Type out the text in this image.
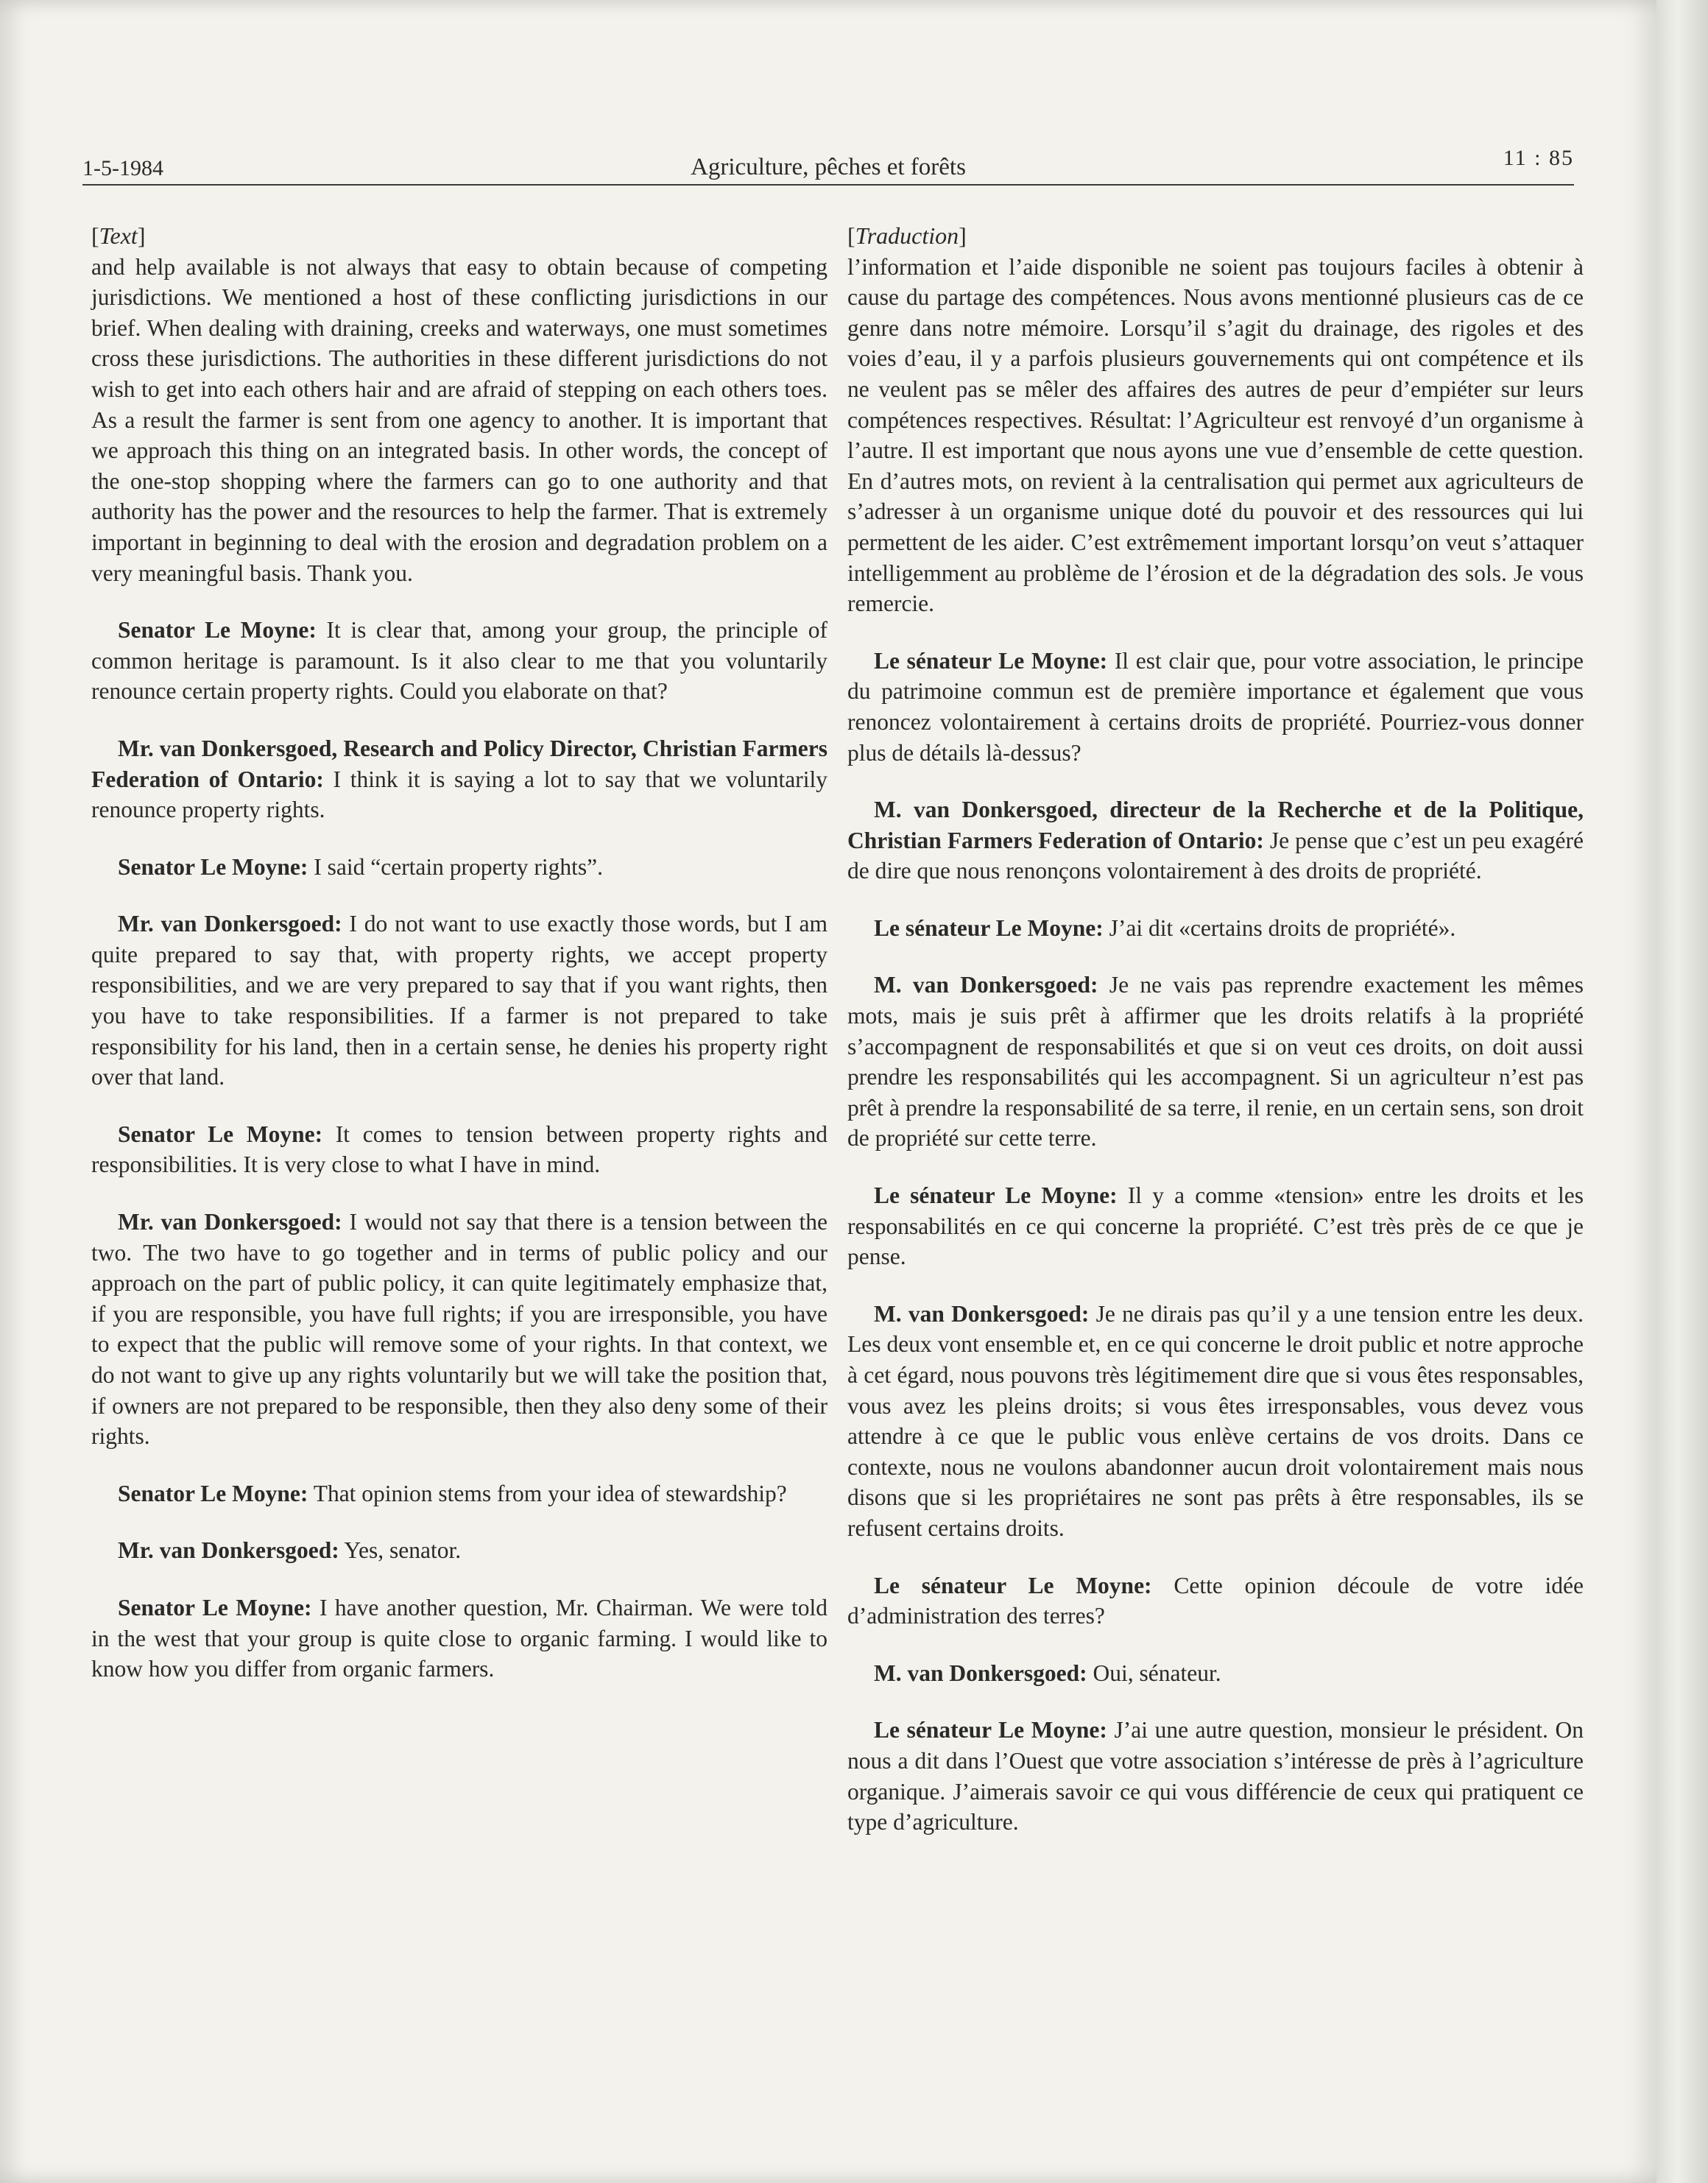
1-5-1984	Agriculture, pêches et forêts	11 : 85

[Text]

and help available is not always that easy to obtain because of competing jurisdictions. We mentioned a host of these conflicting jurisdictions in our brief. When dealing with draining, creeks and waterways, one must sometimes cross these jurisdictions. The authorities in these different jurisdictions do not wish to get into each others hair and are afraid of stepping on each others toes. As a result the farmer is sent from one agency to another. It is important that we approach this thing on an integrated basis. In other words, the concept of the one-stop shopping where the farmers can go to one authority and that authority has the power and the resources to help the farmer. That is extremely important in beginning to deal with the erosion and degradation problem on a very meaningful basis. Thank you.

Senator Le Moyne: It is clear that, among your group, the principle of common heritage is paramount. Is it also clear to me that you voluntarily renounce certain property rights. Could you elaborate on that?

Mr. van Donkersgoed, Research and Policy Director, Christian Farmers Federation of Ontario: I think it is saying a lot to say that we voluntarily renounce property rights.

Senator Le Moyne: I said “certain property rights”.

Mr. van Donkersgoed: I do not want to use exactly those words, but I am quite prepared to say that, with property rights, we accept property responsibilities, and we are very prepared to say that if you want rights, then you have to take responsibilities. If a farmer is not prepared to take responsibility for his land, then in a certain sense, he denies his property right over that land.

Senator Le Moyne: It comes to tension between property rights and responsibilities. It is very close to what I have in mind.

Mr. van Donkersgoed: I would not say that there is a tension between the two. The two have to go together and in terms of public policy and our approach on the part of public policy, it can quite legitimately emphasize that, if you are responsible, you have full rights; if you are irresponsible, you have to expect that the public will remove some of your rights. In that context, we do not want to give up any rights voluntarily but we will take the position that, if owners are not prepared to be responsible, then they also deny some of their rights.

Senator Le Moyne: That opinion stems from your idea of stewardship?

Mr. van Donkersgoed: Yes, senator.

Senator Le Moyne: I have another question, Mr. Chairman. We were told in the west that your group is quite close to organic farming. I would like to know how you differ from organic farmers.

[Traduction]

l’information et l’aide disponible ne soient pas toujours faciles à obtenir à cause du partage des compétences. Nous avons mentionné plusieurs cas de ce genre dans notre mémoire. Lorsqu’il s’agit du drainage, des rigoles et des voies d’eau, il y a parfois plusieurs gouvernements qui ont compétence et ils ne veulent pas se mêler des affaires des autres de peur d’empiéter sur leurs compétences respectives. Résultat: l’Agriculteur est renvoyé d’un organisme à l’autre. Il est important que nous ayons une vue d’ensemble de cette question. En d’autres mots, on revient à la centralisation qui permet aux agriculteurs de s’adresser à un organisme unique doté du pouvoir et des ressources qui lui permettent de les aider. C’est extrêmement important lorsqu’on veut s’attaquer intelligemment au problème de l’érosion et de la dégradation des sols. Je vous remercie.

Le sénateur Le Moyne: Il est clair que, pour votre association, le principe du patrimoine commun est de première importance et également que vous renoncez volontairement à certains droits de propriété. Pourriez-vous donner plus de détails là-dessus?

M. van Donkersgoed, directeur de la Recherche et de la Politique, Christian Farmers Federation of Ontario: Je pense que c’est un peu exagéré de dire que nous renonçons volontairement à des droits de propriété.

Le sénateur Le Moyne: J’ai dit «certains droits de propriété».

M. van Donkersgoed: Je ne vais pas reprendre exactement les mêmes mots, mais je suis prêt à affirmer que les droits relatifs à la propriété s’accompagnent de responsabilités et que si on veut ces droits, on doit aussi prendre les responsabilités qui les accompagnent. Si un agriculteur n’est pas prêt à prendre la responsabilité de sa terre, il renie, en un certain sens, son droit de propriété sur cette terre.

Le sénateur Le Moyne: Il y a comme «tension» entre les droits et les responsabilités en ce qui concerne la propriété. C’est très près de ce que je pense.

M. van Donkersgoed: Je ne dirais pas qu’il y a une tension entre les deux. Les deux vont ensemble et, en ce qui concerne le droit public et notre approche à cet égard, nous pouvons très légitimement dire que si vous êtes responsables, vous avez les pleins droits; si vous êtes irresponsables, vous devez vous attendre à ce que le public vous enlève certains de vos droits. Dans ce contexte, nous ne voulons abandonner aucun droit volontairement mais nous disons que si les propriétaires ne sont pas prêts à être responsables, ils se refusent certains droits.

Le sénateur Le Moyne: Cette opinion découle de votre idée d’administration des terres?

M. van Donkersgoed: Oui, sénateur.

Le sénateur Le Moyne: J’ai une autre question, monsieur le président. On nous a dit dans l’Ouest que votre association s’intéresse de près à l’agriculture organique. J’aimerais savoir ce qui vous différencie de ceux qui pratiquent ce type d’agriculture.
